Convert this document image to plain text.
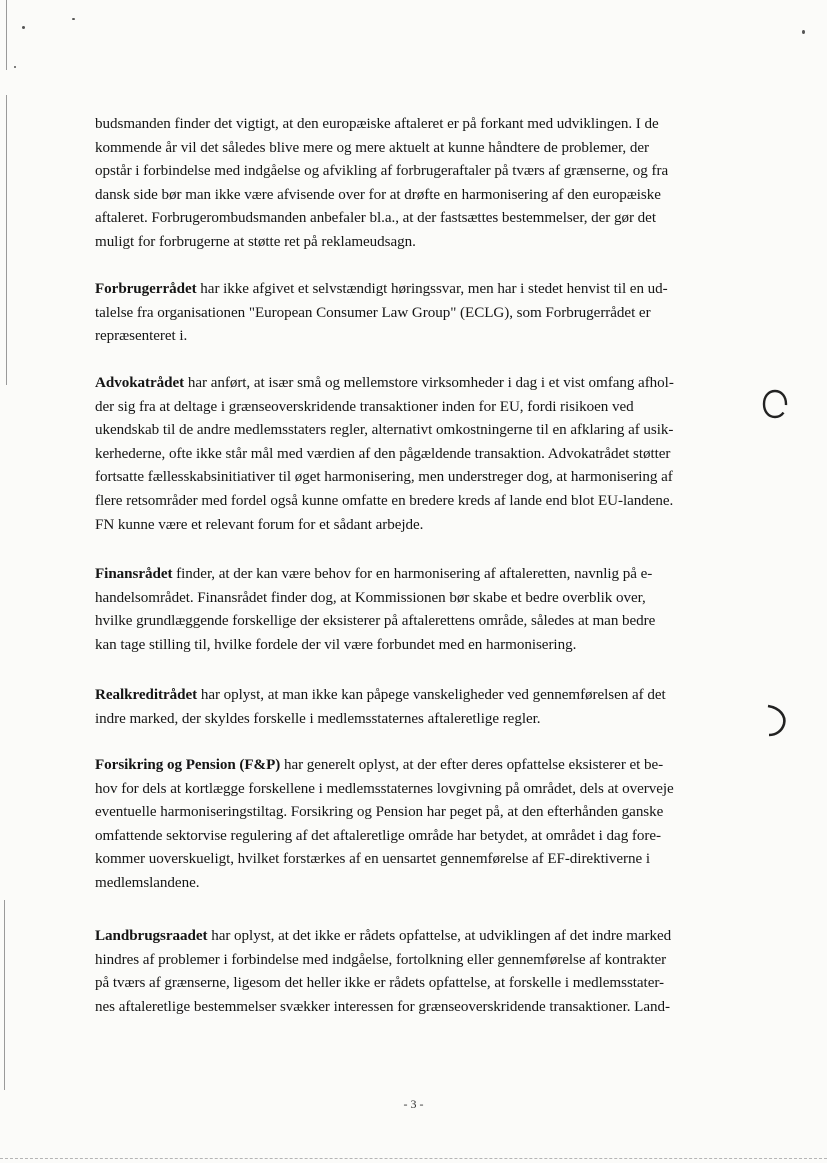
budsmanden finder det vigtigt, at den europæiske aftaleret er på forkant med udviklingen. I de
kommende år vil det således blive mere og mere aktuelt at kunne håndtere de problemer, der
opstår i forbindelse med indgåelse og afvikling af forbrugeraftaler på tværs af grænserne, og fra
dansk side bør man ikke være afvisende over for at drøfte en harmonisering af den europæiske
aftaleret. Forbrugerombudsmanden anbefaler bl.a., at der fastsættes bestemmelser, der gør det
muligt for forbrugerne at støtte ret på reklameudsagn.
Forbrugerrådet har ikke afgivet et selvstændigt høringssvar, men har i stedet henvist til en ud-
talelse fra organisationen "European Consumer Law Group" (ECLG), som Forbrugerrådet er
repræsenteret i.
Advokatrådet har anført, at især små og mellemstore virksomheder i dag i et vist omfang afhol-
der sig fra at deltage i grænseoverskridende transaktioner inden for EU, fordi risikoen ved
ukendskab til de andre medlemsstaters regler, alternativt omkostningerne til en afklaring af usik-
kerhederne, ofte ikke står mål med værdien af den pågældende transaktion. Advokatrådet støtter
fortsatte fællesskabsinitiativer til øget harmonisering, men understreger dog, at harmonisering af
flere retsområder med fordel også kunne omfatte en bredere kreds af lande end blot EU-landene.
FN kunne være et relevant forum for et sådant arbejde.
Finansrådet finder, at der kan være behov for en harmonisering af aftaleretten, navnlig på e-
handelsområdet. Finansrådet finder dog, at Kommissionen bør skabe et bedre overblik over,
hvilke grundlæggende forskellige der eksisterer på aftalerettens område, således at man bedre
kan tage stilling til, hvilke fordele der vil være forbundet med en harmonisering.
Realkreditrådet har oplyst, at man ikke kan påpege vanskeligheder ved gennemførelsen af det
indre marked, der skyldes forskelle i medlemsstaternes aftaleretlige regler.
Forsikring og Pension (F&P) har generelt oplyst, at der efter deres opfattelse eksisterer et be-
hov for dels at kortlægge forskellene i medlemsstaternes lovgivning på området, dels at overveje
eventuelle harmoniseringstiltag. Forsikring og Pension har peget på, at den efterhånden ganske
omfattende sektorvise regulering af det aftaleretlige område har betydet, at området i dag fore-
kommer uoverskueligt, hvilket forstærkes af en uensartet gennemførelse af EF-direktiverne i
medlemslandene.
Landbrugsraadet har oplyst, at det ikke er rådets opfattelse, at udviklingen af det indre marked
hindres af problemer i forbindelse med indgåelse, fortolkning eller gennemførelse af kontrakter
på tværs af grænserne, ligesom det heller ikke er rådets opfattelse, at forskelle i medlemsstater-
nes aftaleretlige bestemmelser svækker interessen for grænseoverskridende transaktioner. Land-
- 3 -
